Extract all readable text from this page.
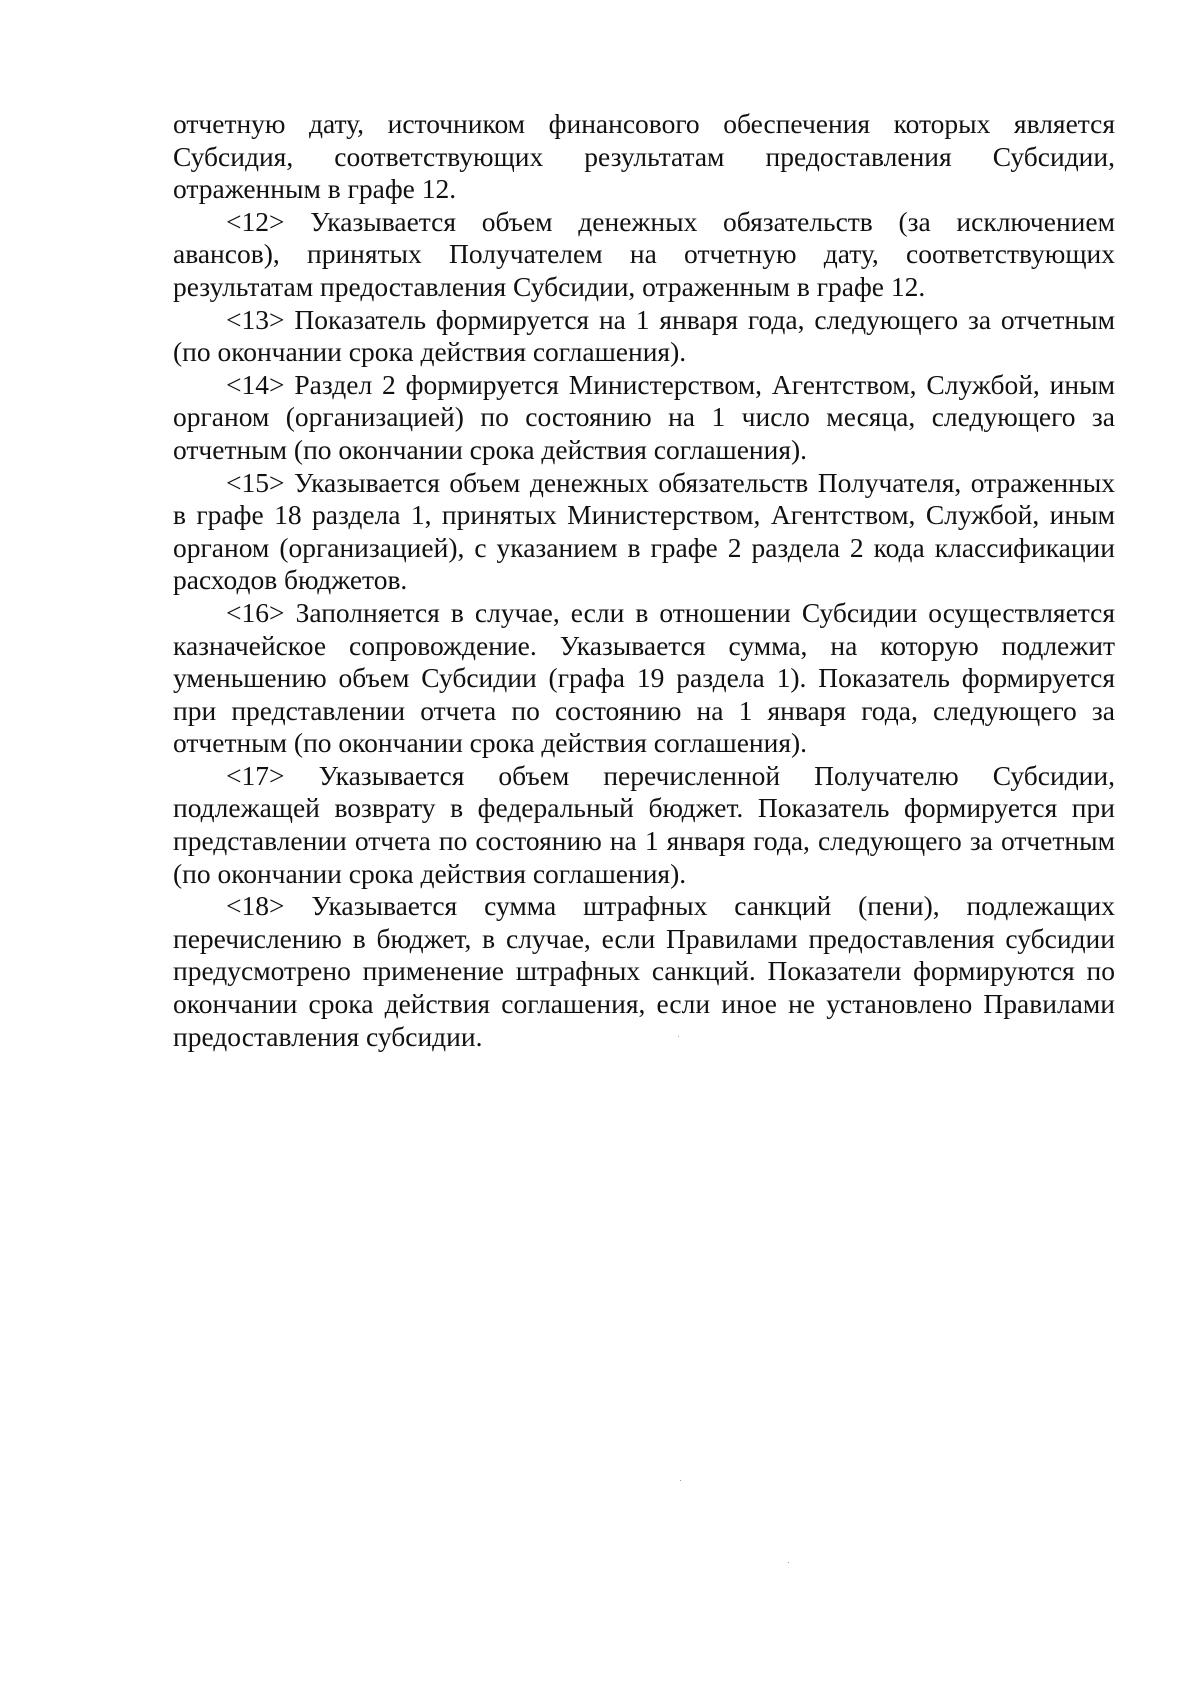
отчетную дату, источником финансового обеспечения которых является Субсидия, соответствующих результатам предоставления Субсидии, отраженным в графе 12.

<12> Указывается объем денежных обязательств (за исключением авансов), принятых Получателем на отчетную дату, соответствующих результатам предоставления Субсидии, отраженным в графе 12.

<13> Показатель формируется на 1 января года, следующего за отчетным (по окончании срока действия соглашения).

<14> Раздел 2 формируется Министерством, Агентством, Службой, иным органом (организацией) по состоянию на 1 число месяца, следующего за отчетным (по окончании срока действия соглашения).

<15> Указывается объем денежных обязательств Получателя, отраженных в графе 18 раздела 1, принятых Министерством, Агентством, Службой, иным органом (организацией), с указанием в графе 2 раздела 2 кода классификации расходов бюджетов.

<16> Заполняется в случае, если в отношении Субсидии осуществляется казначейское сопровождение. Указывается сумма, на которую подлежит уменьшению объем Субсидии (графа 19 раздела 1). Показатель формируется при представлении отчета по состоянию на 1 января года, следующего за отчетным (по окончании срока действия соглашения).

<17> Указывается объем перечисленной Получателю Субсидии, подлежащей возврату в федеральный бюджет. Показатель формируется при представлении отчета по состоянию на 1 января года, следующего за отчетным (по окончании срока действия соглашения).

<18> Указывается сумма штрафных санкций (пени), подлежащих перечислению в бюджет, в случае, если Правилами предоставления субсидии предусмотрено применение штрафных санкций. Показатели формируются по окончании срока действия соглашения, если иное не установлено Правилами предоставления субсидии.
